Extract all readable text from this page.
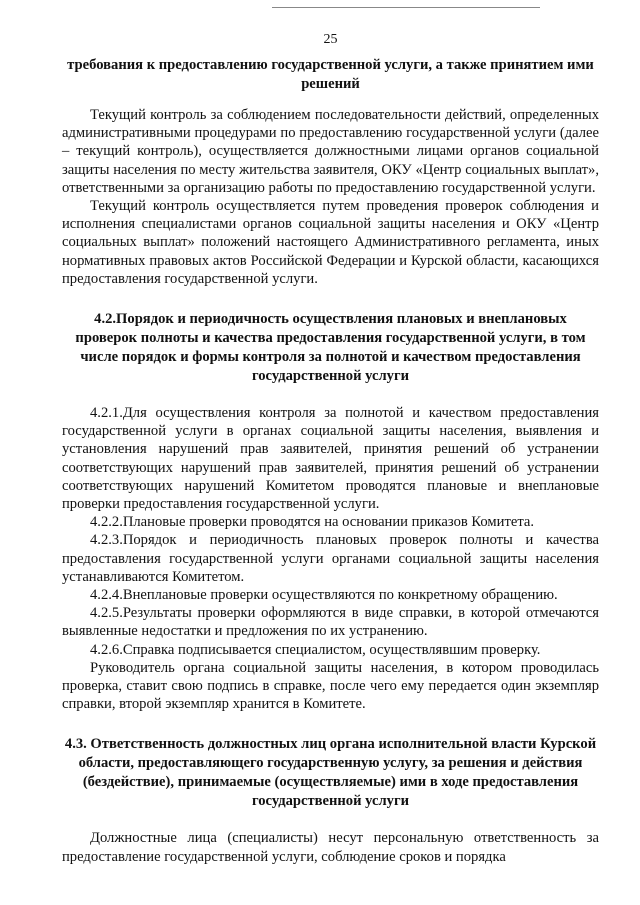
25
требования к предоставлению государственной услуги, а также принятием ими решений

Текущий контроль за соблюдением последовательности действий, определенных административными процедурами по предоставлению государственной услуги (далее – текущий контроль), осуществляется должностными лицами органов социальной защиты населения по месту жительства заявителя, ОКУ «Центр социальных выплат», ответственными за организацию работы по предоставлению государственной услуги.

Текущий контроль осуществляется путем проведения проверок соблюдения и исполнения специалистами органов социальной защиты населения и ОКУ «Центр социальных выплат» положений настоящего Административного регламента, иных нормативных правовых актов Российской Федерации и Курской области, касающихся предоставления государственной услуги.

4.2.Порядок и периодичность осуществления плановых и внеплановых проверок полноты и качества предоставления государственной услуги, в том числе порядок и формы контроля за полнотой и качеством предоставления государственной услуги

4.2.1.Для осуществления контроля за полнотой и качеством предоставления государственной услуги в органах социальной защиты населения, выявления и установления нарушений прав заявителей, принятия решений об устранении соответствующих нарушений прав заявителей, принятия решений об устранении соответствующих нарушений Комитетом проводятся плановые и внеплановые проверки предоставления государственной услуги.

4.2.2.Плановые проверки проводятся на основании приказов Комитета.

4.2.3.Порядок и периодичность плановых проверок полноты и качества предоставления государственной услуги органами социальной защиты населения устанавливаются Комитетом.

4.2.4.Внеплановые проверки осуществляются по конкретному обращению.

4.2.5.Результаты проверки оформляются в виде справки, в которой отмечаются выявленные недостатки и предложения по их устранению.

4.2.6.Справка подписывается специалистом, осуществлявшим проверку.

Руководитель органа социальной защиты населения, в котором проводилась проверка, ставит свою подпись в справке, после чего ему передается один экземпляр справки, второй экземпляр хранится в Комитете.

4.3. Ответственность должностных лиц органа исполнительной власти Курской области, предоставляющего государственную услугу, за решения и действия (бездействие), принимаемые (осуществляемые) ими в ходе предоставления государственной услуги

Должностные лица (специалисты) несут персональную ответственность за предоставление государственной услуги, соблюдение сроков и порядка
